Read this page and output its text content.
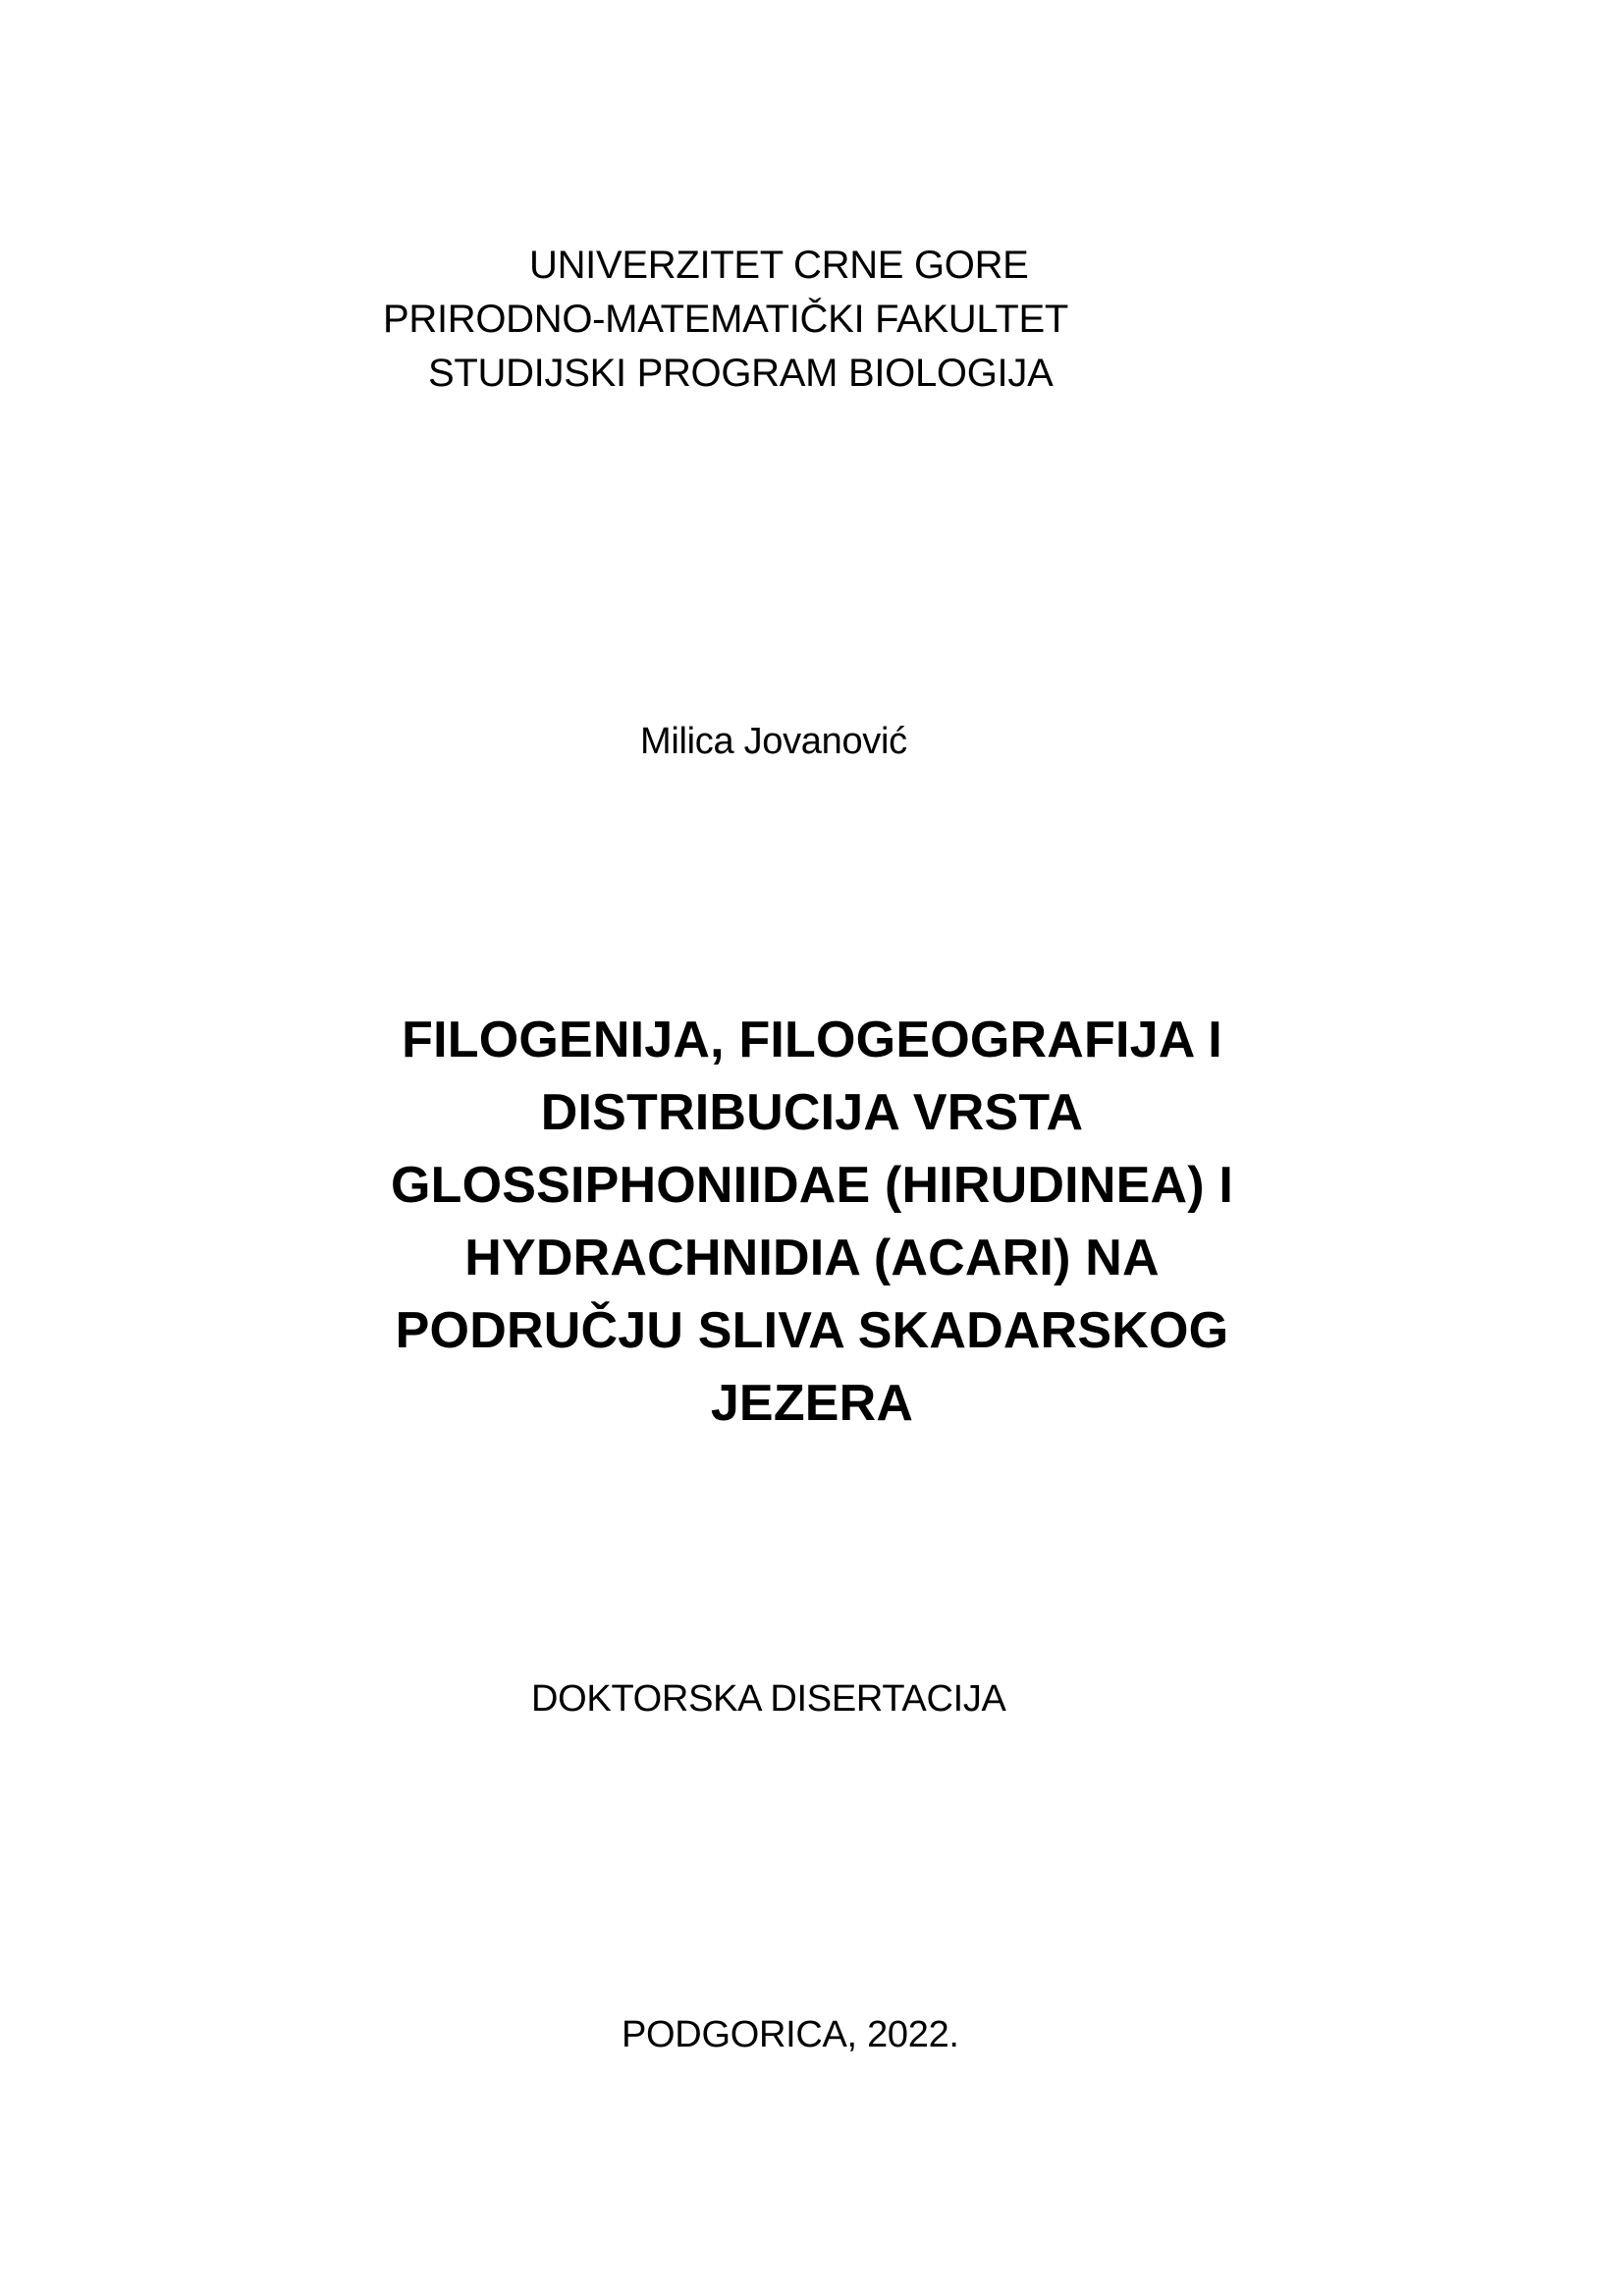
UNIVERZITET CRNE GORE
PRIRODNO-MATEMATIČKI FAKULTET
STUDIJSKI PROGRAM BIOLOGIJA
Milica Jovanović
FILOGENIJA, FILOGEOGRAFIJA I
DISTRIBUCIJA VRSTA
GLOSSIPHONIIDAE (HIRUDINEA) I
HYDRACHNIDIA (ACARI) NA
PODRUČJU SLIVA SKADARSKOG
JEZERA
DOKTORSKA DISERTACIJA
PODGORICA, 2022.
